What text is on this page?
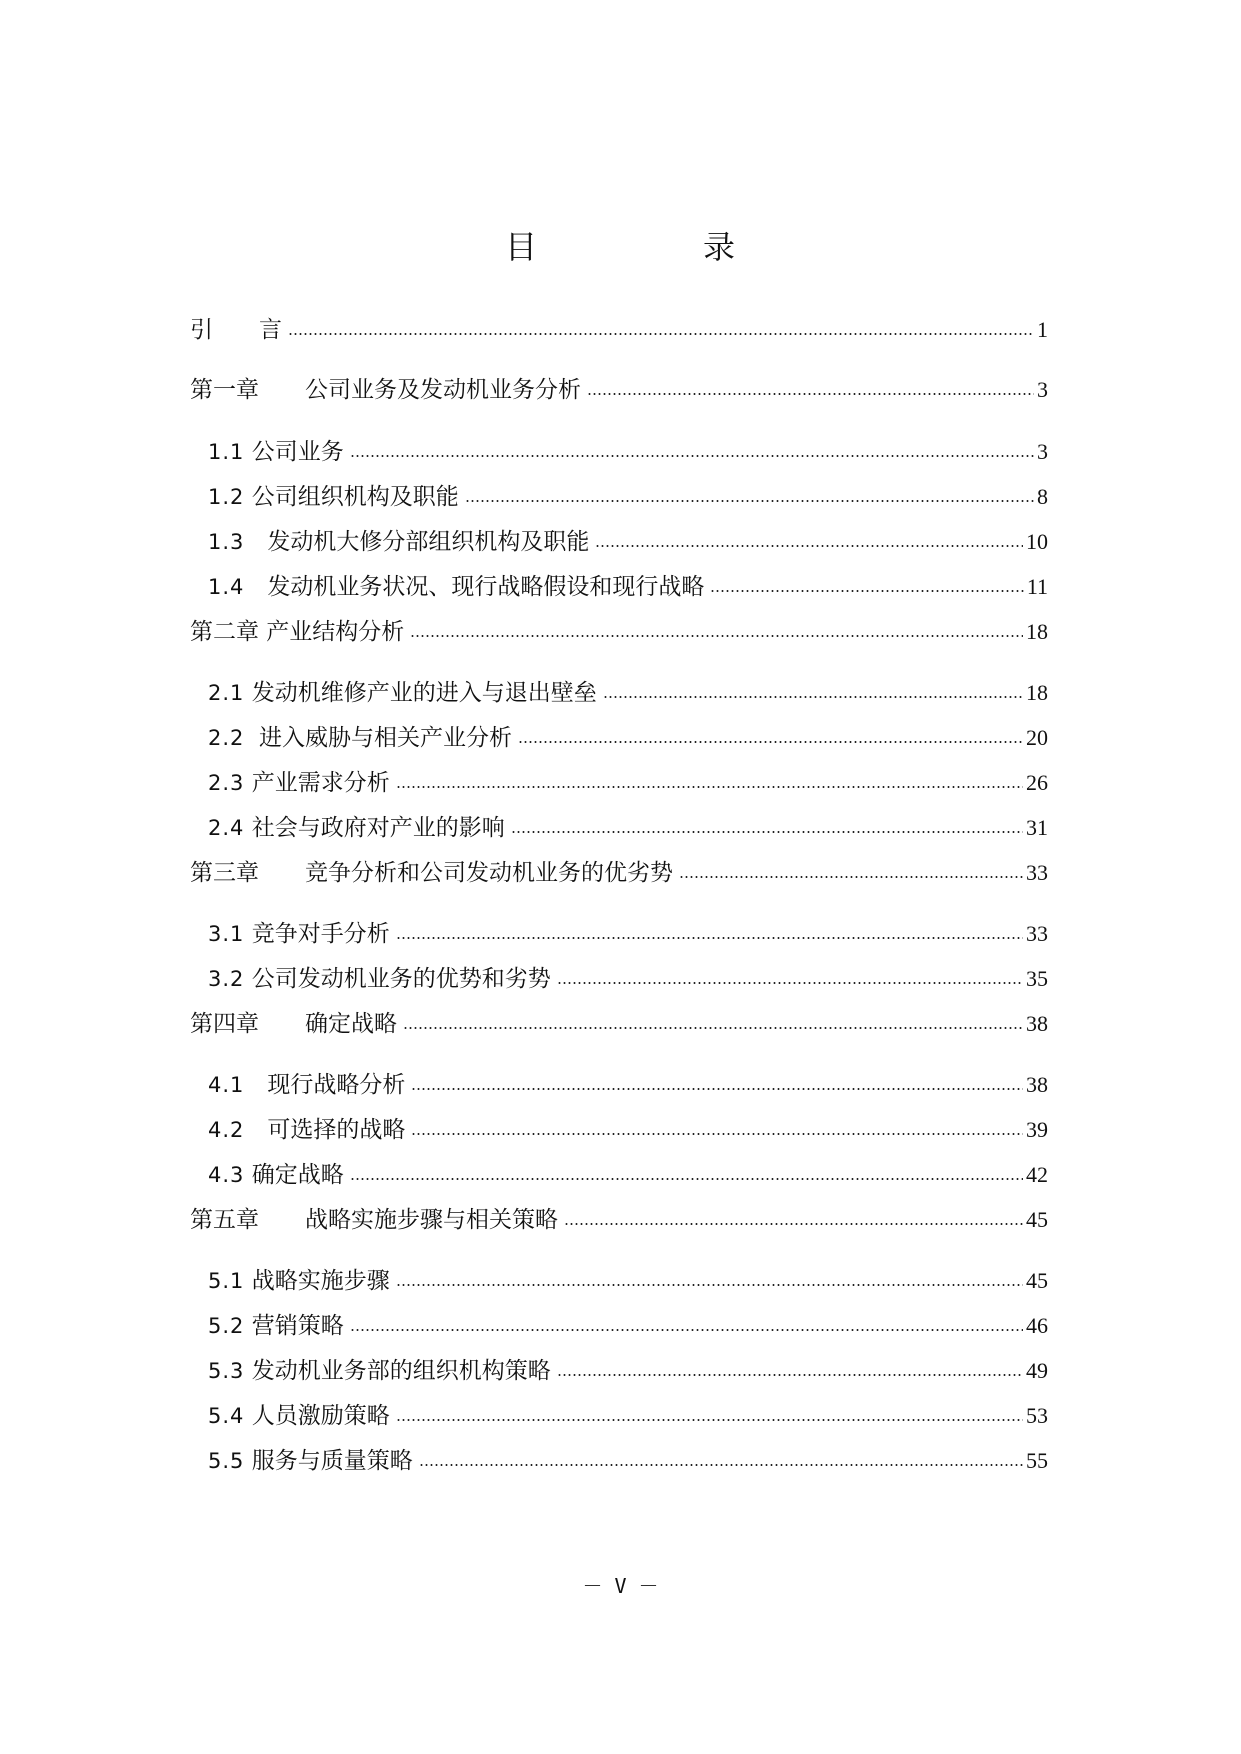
目	录
引　　言	1
第一章　　公司业务及发动机业务分析	3
1.1 公司业务	3
1.2 公司组织机构及职能	8
1.3 　发动机大修分部组织机构及职能	10
1.4 　发动机业务状况、现行战略假设和现行战略	11
第二章 产业结构分析	18
2.1 发动机维修产业的进入与退出壁垒	18
2.2 进入威胁与相关产业分析	20
2.3 产业需求分析	26
2.4 社会与政府对产业的影响	31
第三章　　竞争分析和公司发动机业务的优劣势	33
3.1 竞争对手分析	33
3.2 公司发动机业务的优势和劣势	35
第四章　　确定战略	38
4.1 　现行战略分析	38
4.2 　可选择的战略	39
4.3 确定战略	42
第五章　　战略实施步骤与相关策略	45
5.1 战略实施步骤	45
5.2 营销策略	46
5.3 发动机业务部的组织机构策略	49
5.4 人员激励策略	53
5.5 服务与质量策略	55
－ V －
